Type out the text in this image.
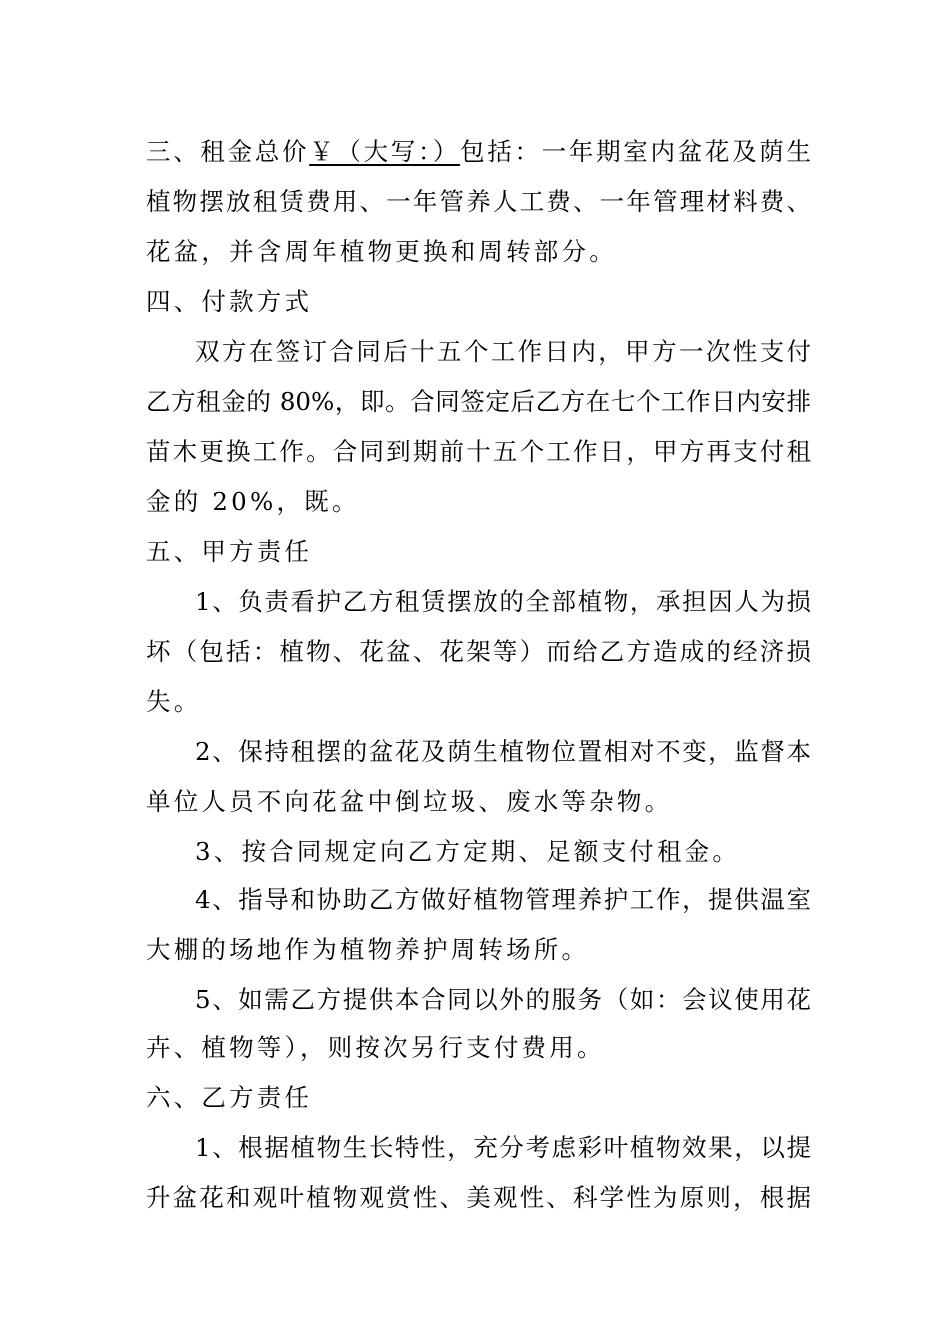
三、租金总价￥（大写：）包括：一年期室内盆花及荫生
植物摆放租赁费用、一年管养人工费、一年管理材料费、
花盆，并含周年植物更换和周转部分。
四、付款方式
双方在签订合同后十五个工作日内，甲方一次性支付
乙方租金的 80%，即。合同签定后乙方在七个工作日内安排
苗木更换工作。合同到期前十五个工作日，甲方再支付租
金的 20%，既。
五、甲方责任
1、负责看护乙方租赁摆放的全部植物，承担因人为损
坏（包括：植物、花盆、花架等）而给乙方造成的经济损
失。
2、保持租摆的盆花及荫生植物位置相对不变，监督本
单位人员不向花盆中倒垃圾、废水等杂物。
3、按合同规定向乙方定期、足额支付租金。
4、指导和协助乙方做好植物管理养护工作，提供温室
大棚的场地作为植物养护周转场所。
5、如需乙方提供本合同以外的服务（如：会议使用花
卉、植物等），则按次另行支付费用。
六、乙方责任
1、根据植物生长特性，充分考虑彩叶植物效果，以提
升盆花和观叶植物观赏性、美观性、科学性为原则，根据
